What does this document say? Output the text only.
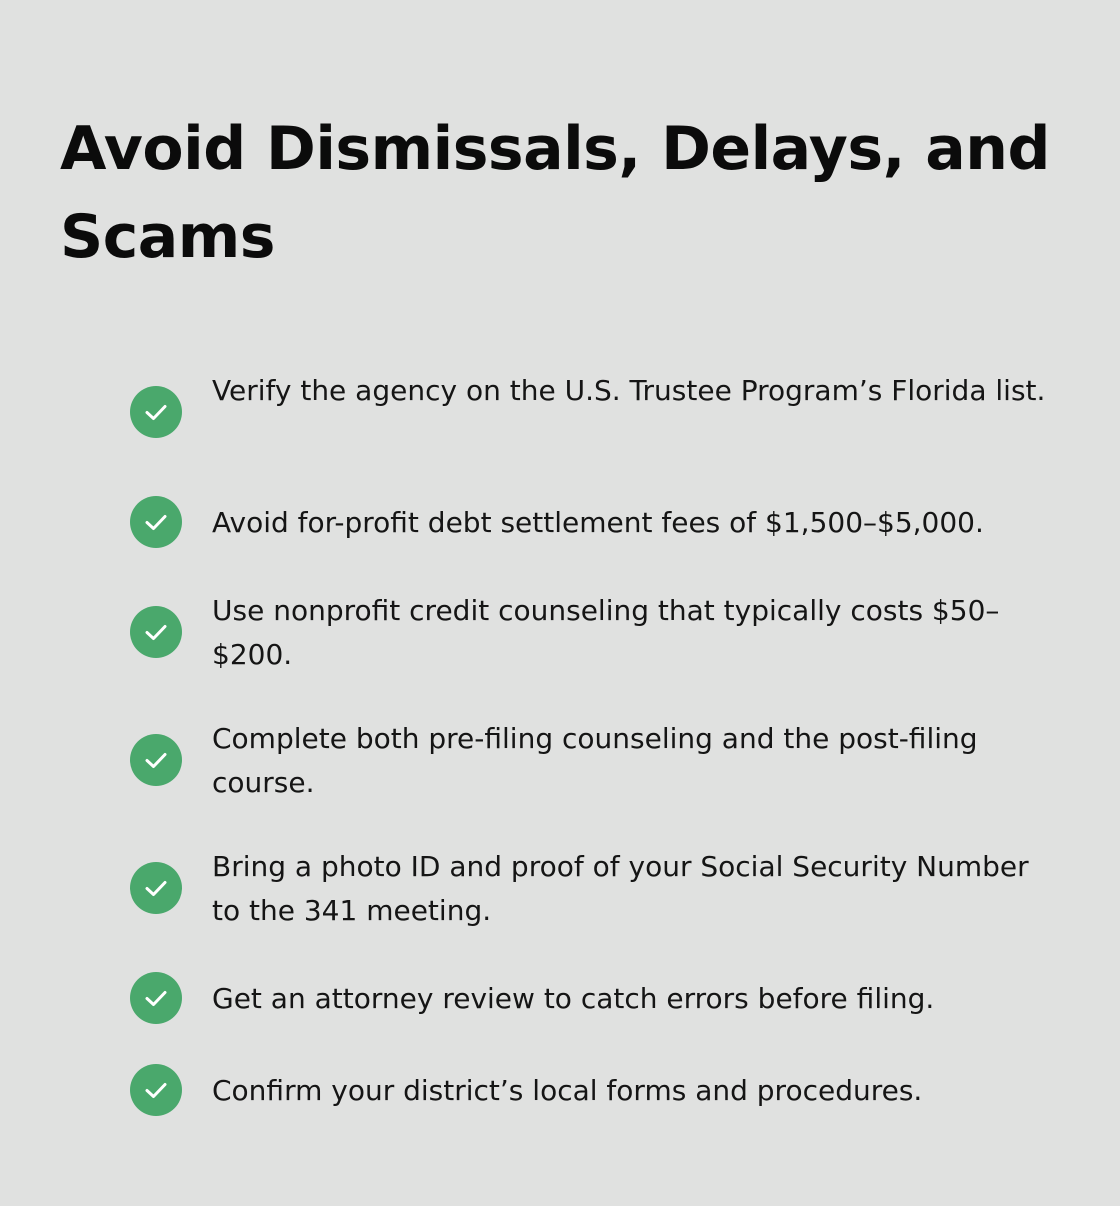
Avoid Dismissals, Delays, and Scams

Verify the agency on the U.S. Trustee Program’s Florida list.

Avoid for-profit debt settlement fees of $1,500–$5,000.

Use nonprofit credit counseling that typically costs $50–$200.

Complete both pre-filing counseling and the post-filing course.

Bring a photo ID and proof of your Social Security Number to the 341 meeting.

Get an attorney review to catch errors before filing.

Confirm your district’s local forms and procedures.
